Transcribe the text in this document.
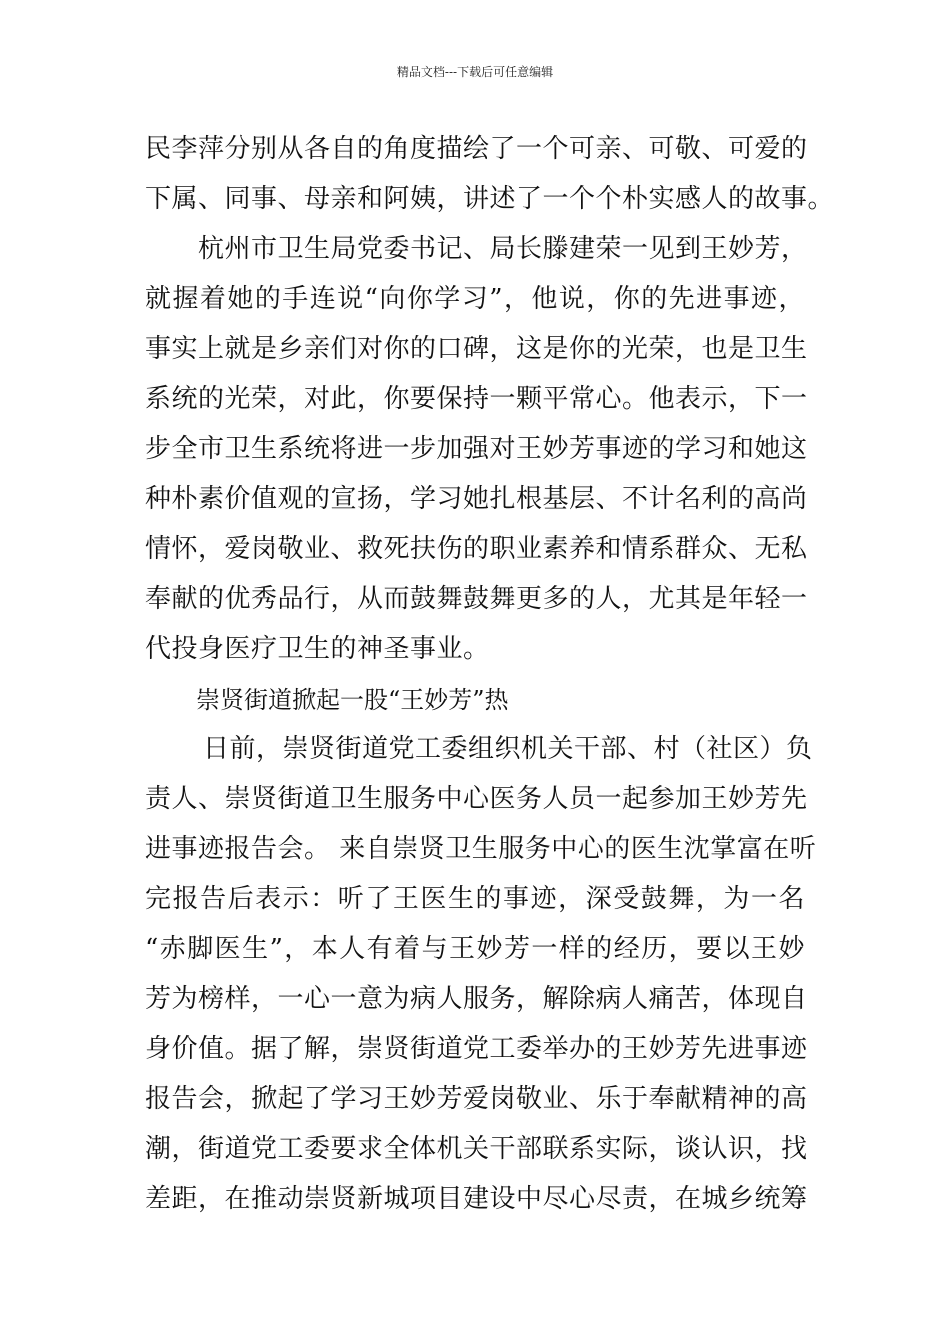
精品文档---下载后可任意编辑
民李萍分别从各自的角度描绘了一个可亲、可敬、可爱的
下属、同事、母亲和阿姨，讲述了一个个朴实感人的故事。
杭州市卫生局党委书记、局长滕建荣一见到王妙芳，
就握着她的手连说“向你学习”，他说，你的先进事迹，
事实上就是乡亲们对你的口碑，这是你的光荣，也是卫生
系统的光荣，对此，你要保持一颗平常心。他表示，下一
步全市卫生系统将进一步加强对王妙芳事迹的学习和她这
种朴素价值观的宣扬，学习她扎根基层、不计名利的高尚
情怀，爱岗敬业、救死扶伤的职业素养和情系群众、无私
奉献的优秀品行，从而鼓舞鼓舞更多的人，尤其是年轻一
代投身医疗卫生的神圣事业。
崇贤街道掀起一股“王妙芳”热
日前，崇贤街道党工委组织机关干部、村（社区）负
责人、崇贤街道卫生服务中心医务人员一起参加王妙芳先
进事迹报告会。 来自崇贤卫生服务中心的医生沈掌富在听
完报告后表示：听了王医生的事迹，深受鼓舞，为一名
“赤脚医生”，本人有着与王妙芳一样的经历，要以王妙
芳为榜样，一心一意为病人服务，解除病人痛苦，体现自
身价值。据了解，崇贤街道党工委举办的王妙芳先进事迹
报告会，掀起了学习王妙芳爱岗敬业、乐于奉献精神的高
潮，街道党工委要求全体机关干部联系实际，谈认识，找
差距，在推动崇贤新城项目建设中尽心尽责，在城乡统筹
